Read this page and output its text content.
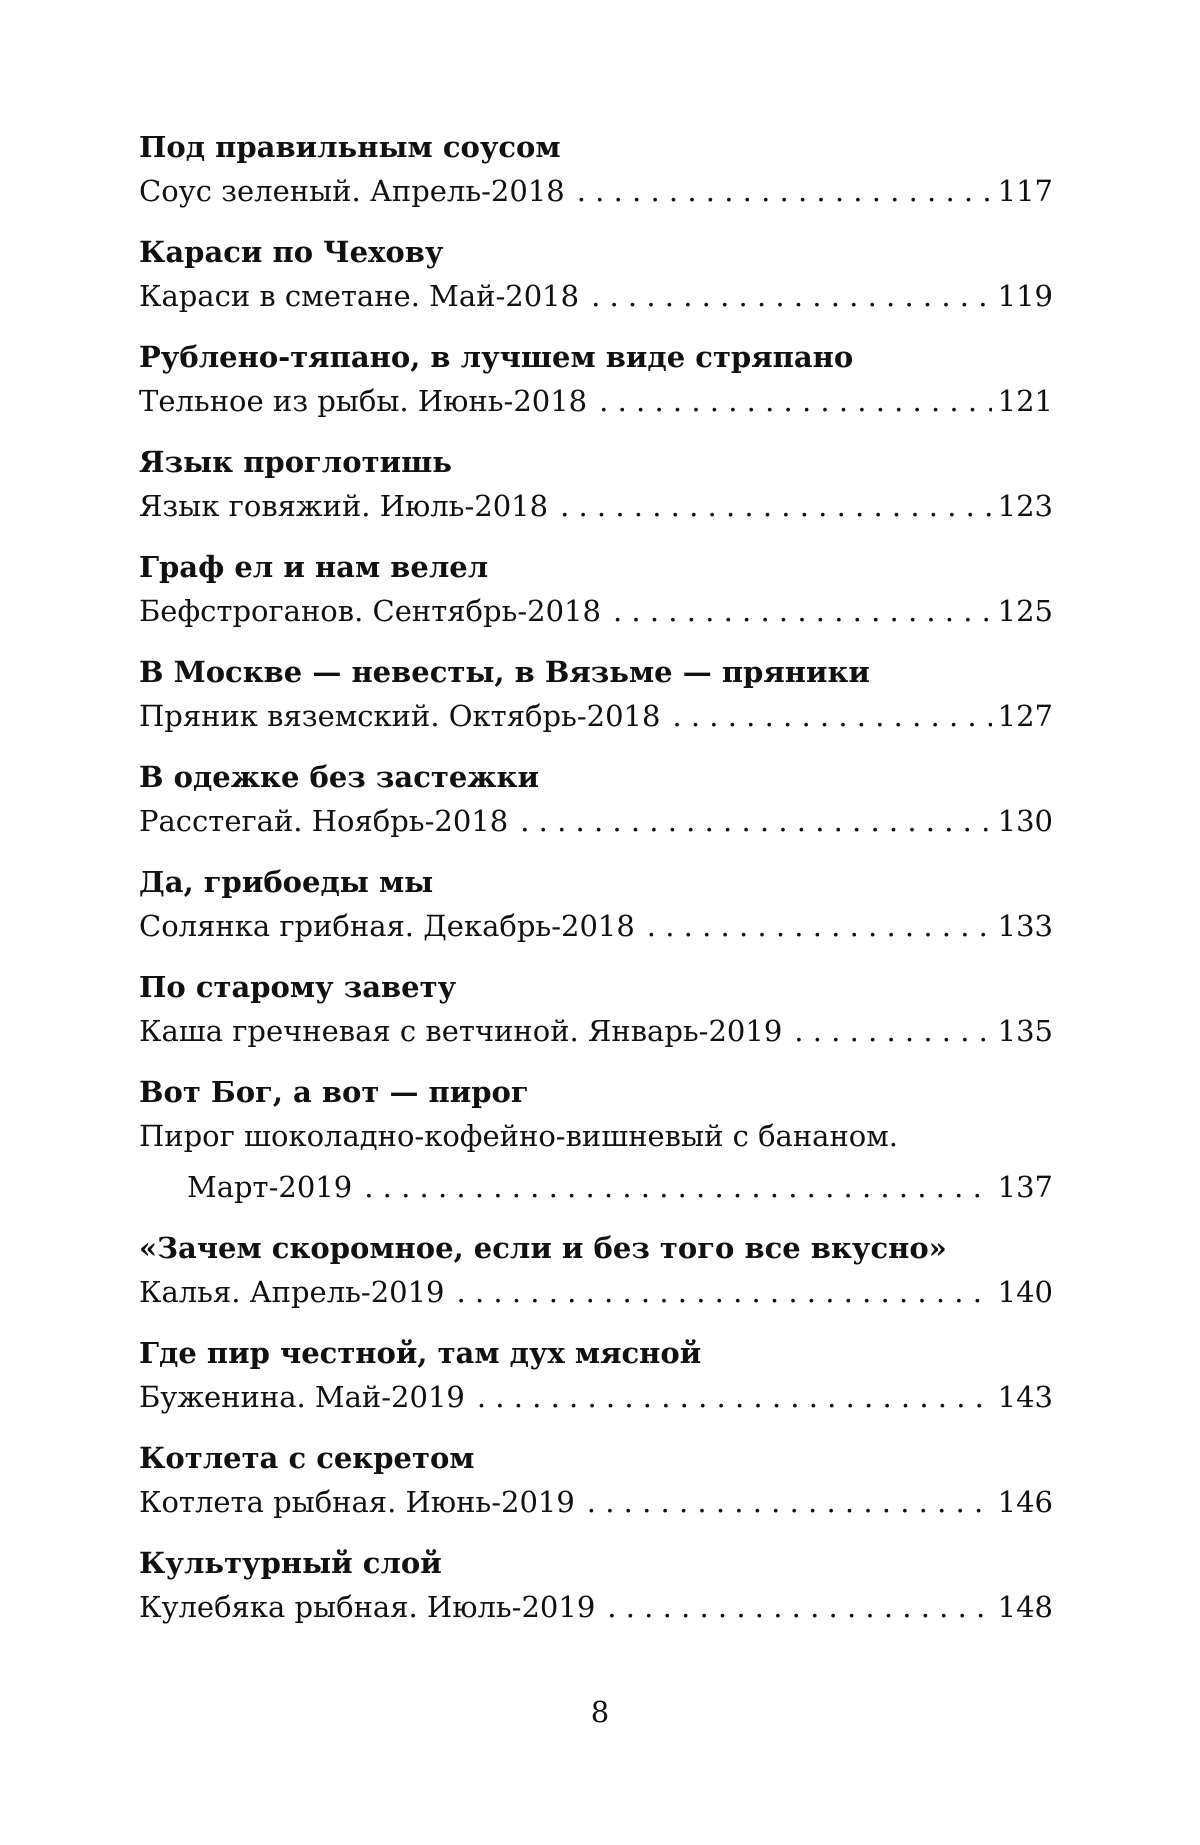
Под правильным соусом
Соус зеленый. Апрель-2018 . . .	117
Караси по Чехову
Караси в сметане. Май-2018 . . .	119
Рублено-тяпано, в лучшем виде стряпано
Тельное из рыбы. Июнь-2018 . . .	121
Язык проглотишь
Язык говяжий. Июль-2018 . . .	123
Граф ел и нам велел
Бефстроганов. Сентябрь-2018 . . .	125
В Москве — невесты, в Вязьме — пряники
Пряник вяземский. Октябрь-2018 . . .	127
В одежке без застежки
Расстегай. Ноябрь-2018 . . .	130
Да, грибоеды мы
Солянка грибная. Декабрь-2018 . . .	133
По старому завету
Каша гречневая с ветчиной. Январь-2019 . . .	135
Вот Бог, а вот — пирог
Пирог шоколадно-кофейно-вишневый с бананом.
Март-2019 . . .	137
«Зачем скоромное, если и без того все вкусно»
Калья. Апрель-2019 . . .	140
Где пир честной, там дух мясной
Буженина. Май-2019 . . .	143
Котлета с секретом
Котлета рыбная. Июнь-2019 . . .	146
Культурный слой
Кулебяка рыбная. Июль-2019 . . .	148
8
